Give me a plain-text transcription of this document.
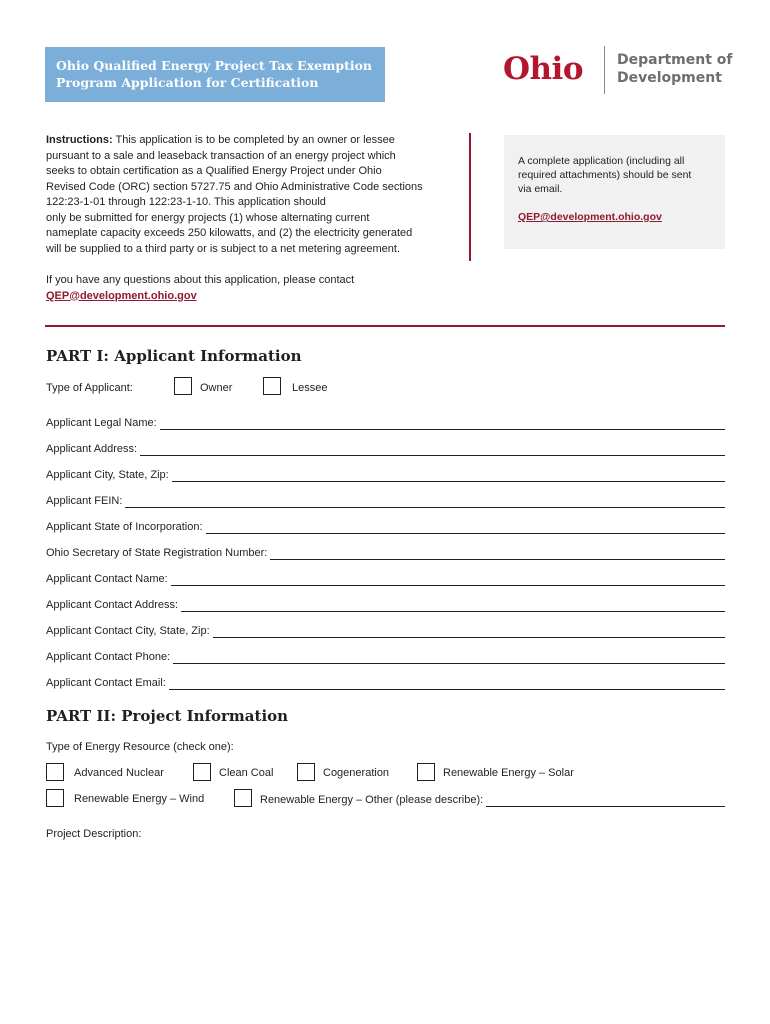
Ohio Qualified Energy Project Tax Exemption
Program Application for Certification	Ohio Department of
Development
Instructions: This application is to be completed by an owner or lessee
pursuant to a sale and leaseback transaction of an energy project which
seeks to obtain certification as a Qualified Energy Project under Ohio
Revised Code (ORC) section 5727.75 and Ohio Administrative Code sections
122:23-1-01 through 122:23-1-10. This application should
only be submitted for energy projects (1) whose alternating current
nameplate capacity exceeds 250 kilowatts, and (2) the electricity generated
will be supplied to a third party or is subject to a net metering agreement.
A complete application (including all
required attachments) should be sent
via email.
QEP@development.ohio.gov
If you have any questions about this application, please contact
QEP@development.ohio.gov
PART I: Applicant Information
Type of Applicant:	Owner	Lessee
Applicant Legal Name:
Applicant Address:
Applicant City, State, Zip:
Applicant FEIN:
Applicant State of Incorporation:
Ohio Secretary of State Registration Number:
Applicant Contact Name:
Applicant Contact Address:
Applicant Contact City, State, Zip:
Applicant Contact Phone:
Applicant Contact Email:
PART II: Project Information
Type of Energy Resource (check one):
Advanced Nuclear	Clean Coal	Cogeneration	Renewable Energy – Solar
Renewable Energy – Wind	Renewable Energy – Other (please describe):
Project Description:
